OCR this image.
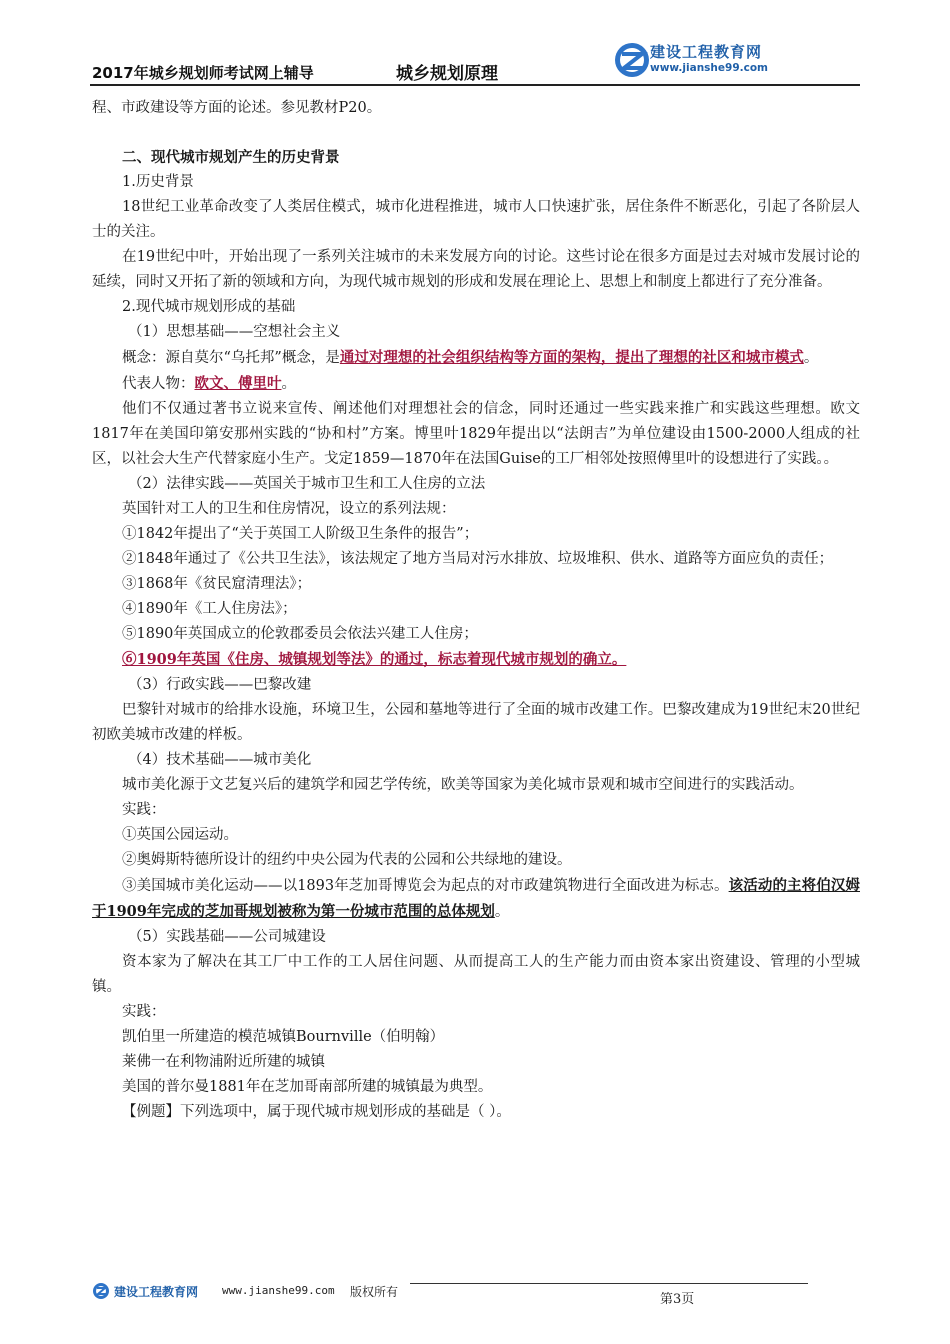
2017年城乡规划师考试网上辅导	城乡规划原理
建设工程教育网
www.jianshe99.com

程、市政建设等方面的论述。参见教材P20。

二、现代城市规划产生的历史背景

1.历史背景

18世纪工业革命改变了人类居住模式，城市化进程推进，城市人口快速扩张，居住条件不断恶化，引起了各阶层人士的关注。

在19世纪中叶，开始出现了一系列关注城市的未来发展方向的讨论。这些讨论在很多方面是过去对城市发展讨论的延续，同时又开拓了新的领域和方向，为现代城市规划的形成和发展在理论上、思想上和制度上都进行了充分准备。

2.现代城市规划形成的基础

（1）思想基础——空想社会主义

概念：源自莫尔“乌托邦”概念，是通过对理想的社会组织结构等方面的架构，提出了理想的社区和城市模式。

代表人物：欧文、傅里叶。

他们不仅通过著书立说来宣传、阐述他们对理想社会的信念，同时还通过一些实践来推广和实践这些理想。欧文1817年在美国印第安那州实践的“协和村”方案。博里叶1829年提出以“法朗吉”为单位建设由1500-2000人组成的社区，以社会大生产代替家庭小生产。戈定1859—1870年在法国Guise的工厂相邻处按照傅里叶的设想进行了实践。。

（2）法律实践——英国关于城市卫生和工人住房的立法

英国针对工人的卫生和住房情况，设立的系列法规：

①1842年提出了“关于英国工人阶级卫生条件的报告”；

②1848年通过了《公共卫生法》，该法规定了地方当局对污水排放、垃圾堆积、供水、道路等方面应负的责任；

③1868年《贫民窟清理法》；

④1890年《工人住房法》；

⑤1890年英国成立的伦敦郡委员会依法兴建工人住房；

⑥1909年英国《住房、城镇规划等法》的通过，标志着现代城市规划的确立。

（3）行政实践——巴黎改建

巴黎针对城市的给排水设施，环境卫生，公园和墓地等进行了全面的城市改建工作。巴黎改建成为19世纪末20世纪初欧美城市改建的样板。

（4）技术基础——城市美化

城市美化源于文艺复兴后的建筑学和园艺学传统，欧美等国家为美化城市景观和城市空间进行的实践活动。

实践：

①英国公园运动。

②奥姆斯特德所设计的纽约中央公园为代表的公园和公共绿地的建设。

③美国城市美化运动——以1893年芝加哥博览会为起点的对市政建筑物进行全面改进为标志。该活动的主将伯汉姆于1909年完成的芝加哥规划被称为第一份城市范围的总体规划。

（5）实践基础——公司城建设

资本家为了解决在其工厂中工作的工人居住问题、从而提高工人的生产能力而由资本家出资建设、管理的小型城镇。

实践：

凯伯里一所建造的模范城镇Bournville（伯明翰）

莱佛一在利物浦附近所建的城镇

美国的普尔曼1881年在芝加哥南部所建的城镇最为典型。

【例题】下列选项中，属于现代城市规划形成的基础是（ ）。

建设工程教育网 www.jianshe99.com 版权所有	第3页
